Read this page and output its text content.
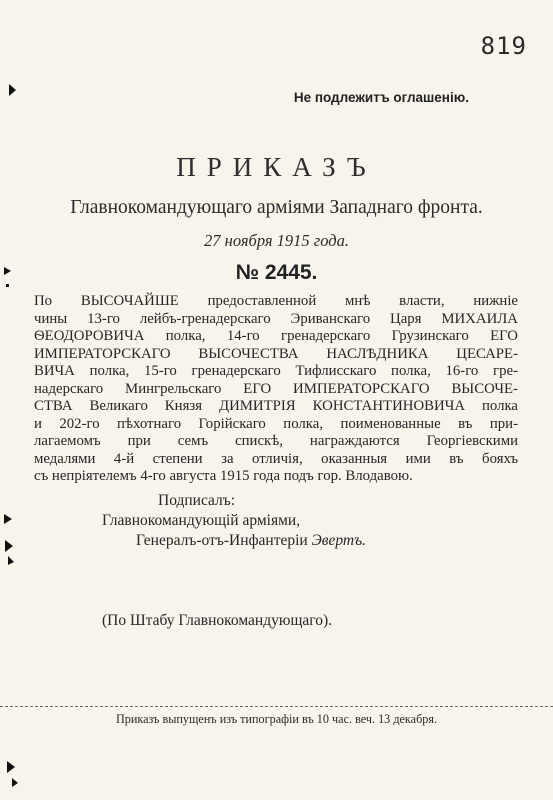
819
Не подлежитъ оглашенію.
ПРИКАЗЪ
Главнокомандующаго арміями Западнаго фронта.
27 ноября 1915 года.
№ 2445.
По ВЫСОЧАЙШЕ предоставленной мнѣ власти, нижніе
чины 13-го лейбъ-гренадерскаго Эриванскаго Царя МИХАИЛА
ѲЕОДОРОВИЧА полка, 14-го гренадерскаго Грузинскаго ЕГО
ИМПЕРАТОРСКАГО ВЫСОЧЕСТВА НАСЛѢДНИКА ЦЕСАРЕ-
ВИЧА полка, 15-го гренадерскаго Тифлисскаго полка, 16-го гре-
надерскаго Мингрельскаго ЕГО ИМПЕРАТОРСКАГО ВЫСОЧЕ-
СТВА Великаго Князя ДИМИТРІЯ КОНСТАНТИНОВИЧА полка
и 202-го пѣхотнаго Горійскаго полка, поименованные въ при-
лагаемомъ при семъ спискѣ, награждаются Георгіевскими
медалями 4-й степени за отличія, оказанныя ими въ бояхъ
съ непріятелемъ 4-го августа 1915 года подъ гор. Влодавою.
Подписалъ:
Главнокомандующій арміями,
Генералъ-отъ-Инфантеріи Эвертъ.
(По Штабу Главнокомандующаго).
Приказъ выпущенъ изъ типографіи въ 10 час. веч. 13 декабря.
